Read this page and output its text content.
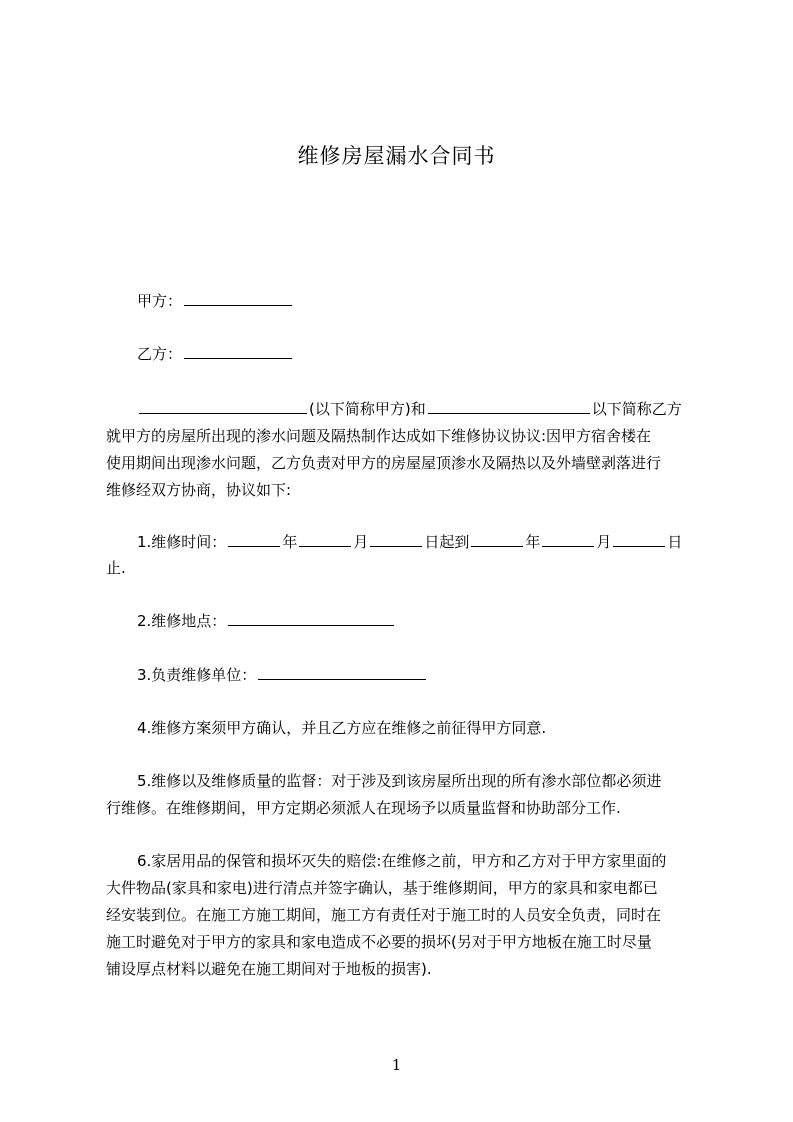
维修房屋漏水合同书
甲方：
乙方：
(以下简称甲方)和	以下简称乙方
就甲方的房屋所出现的渗水问题及隔热制作达成如下维修协议协议:因甲方宿舍楼在
使用期间出现渗水问题，乙方负责对甲方的房屋屋顶渗水及隔热以及外墙壁剥落进行
维修经双方协商，协议如下:
1.维修时间：	年	月	日起到	年	月	日
止.
2.维修地点：
3.负责维修单位：
4.维修方案须甲方确认，并且乙方应在维修之前征得甲方同意.
5.维修以及维修质量的监督：对于涉及到该房屋所出现的所有渗水部位都必须进
行维修。在维修期间，甲方定期必须派人在现场予以质量监督和协助部分工作.
6.家居用品的保管和损坏灭失的赔偿:在维修之前，甲方和乙方对于甲方家里面的
大件物品(家具和家电)进行清点并签字确认，基于维修期间，甲方的家具和家电都已
经安装到位。在施工方施工期间，施工方有责任对于施工时的人员安全负责，同时在
施工时避免对于甲方的家具和家电造成不必要的损坏(另对于甲方地板在施工时尽量
铺设厚点材料以避免在施工期间对于地板的损害).
1
